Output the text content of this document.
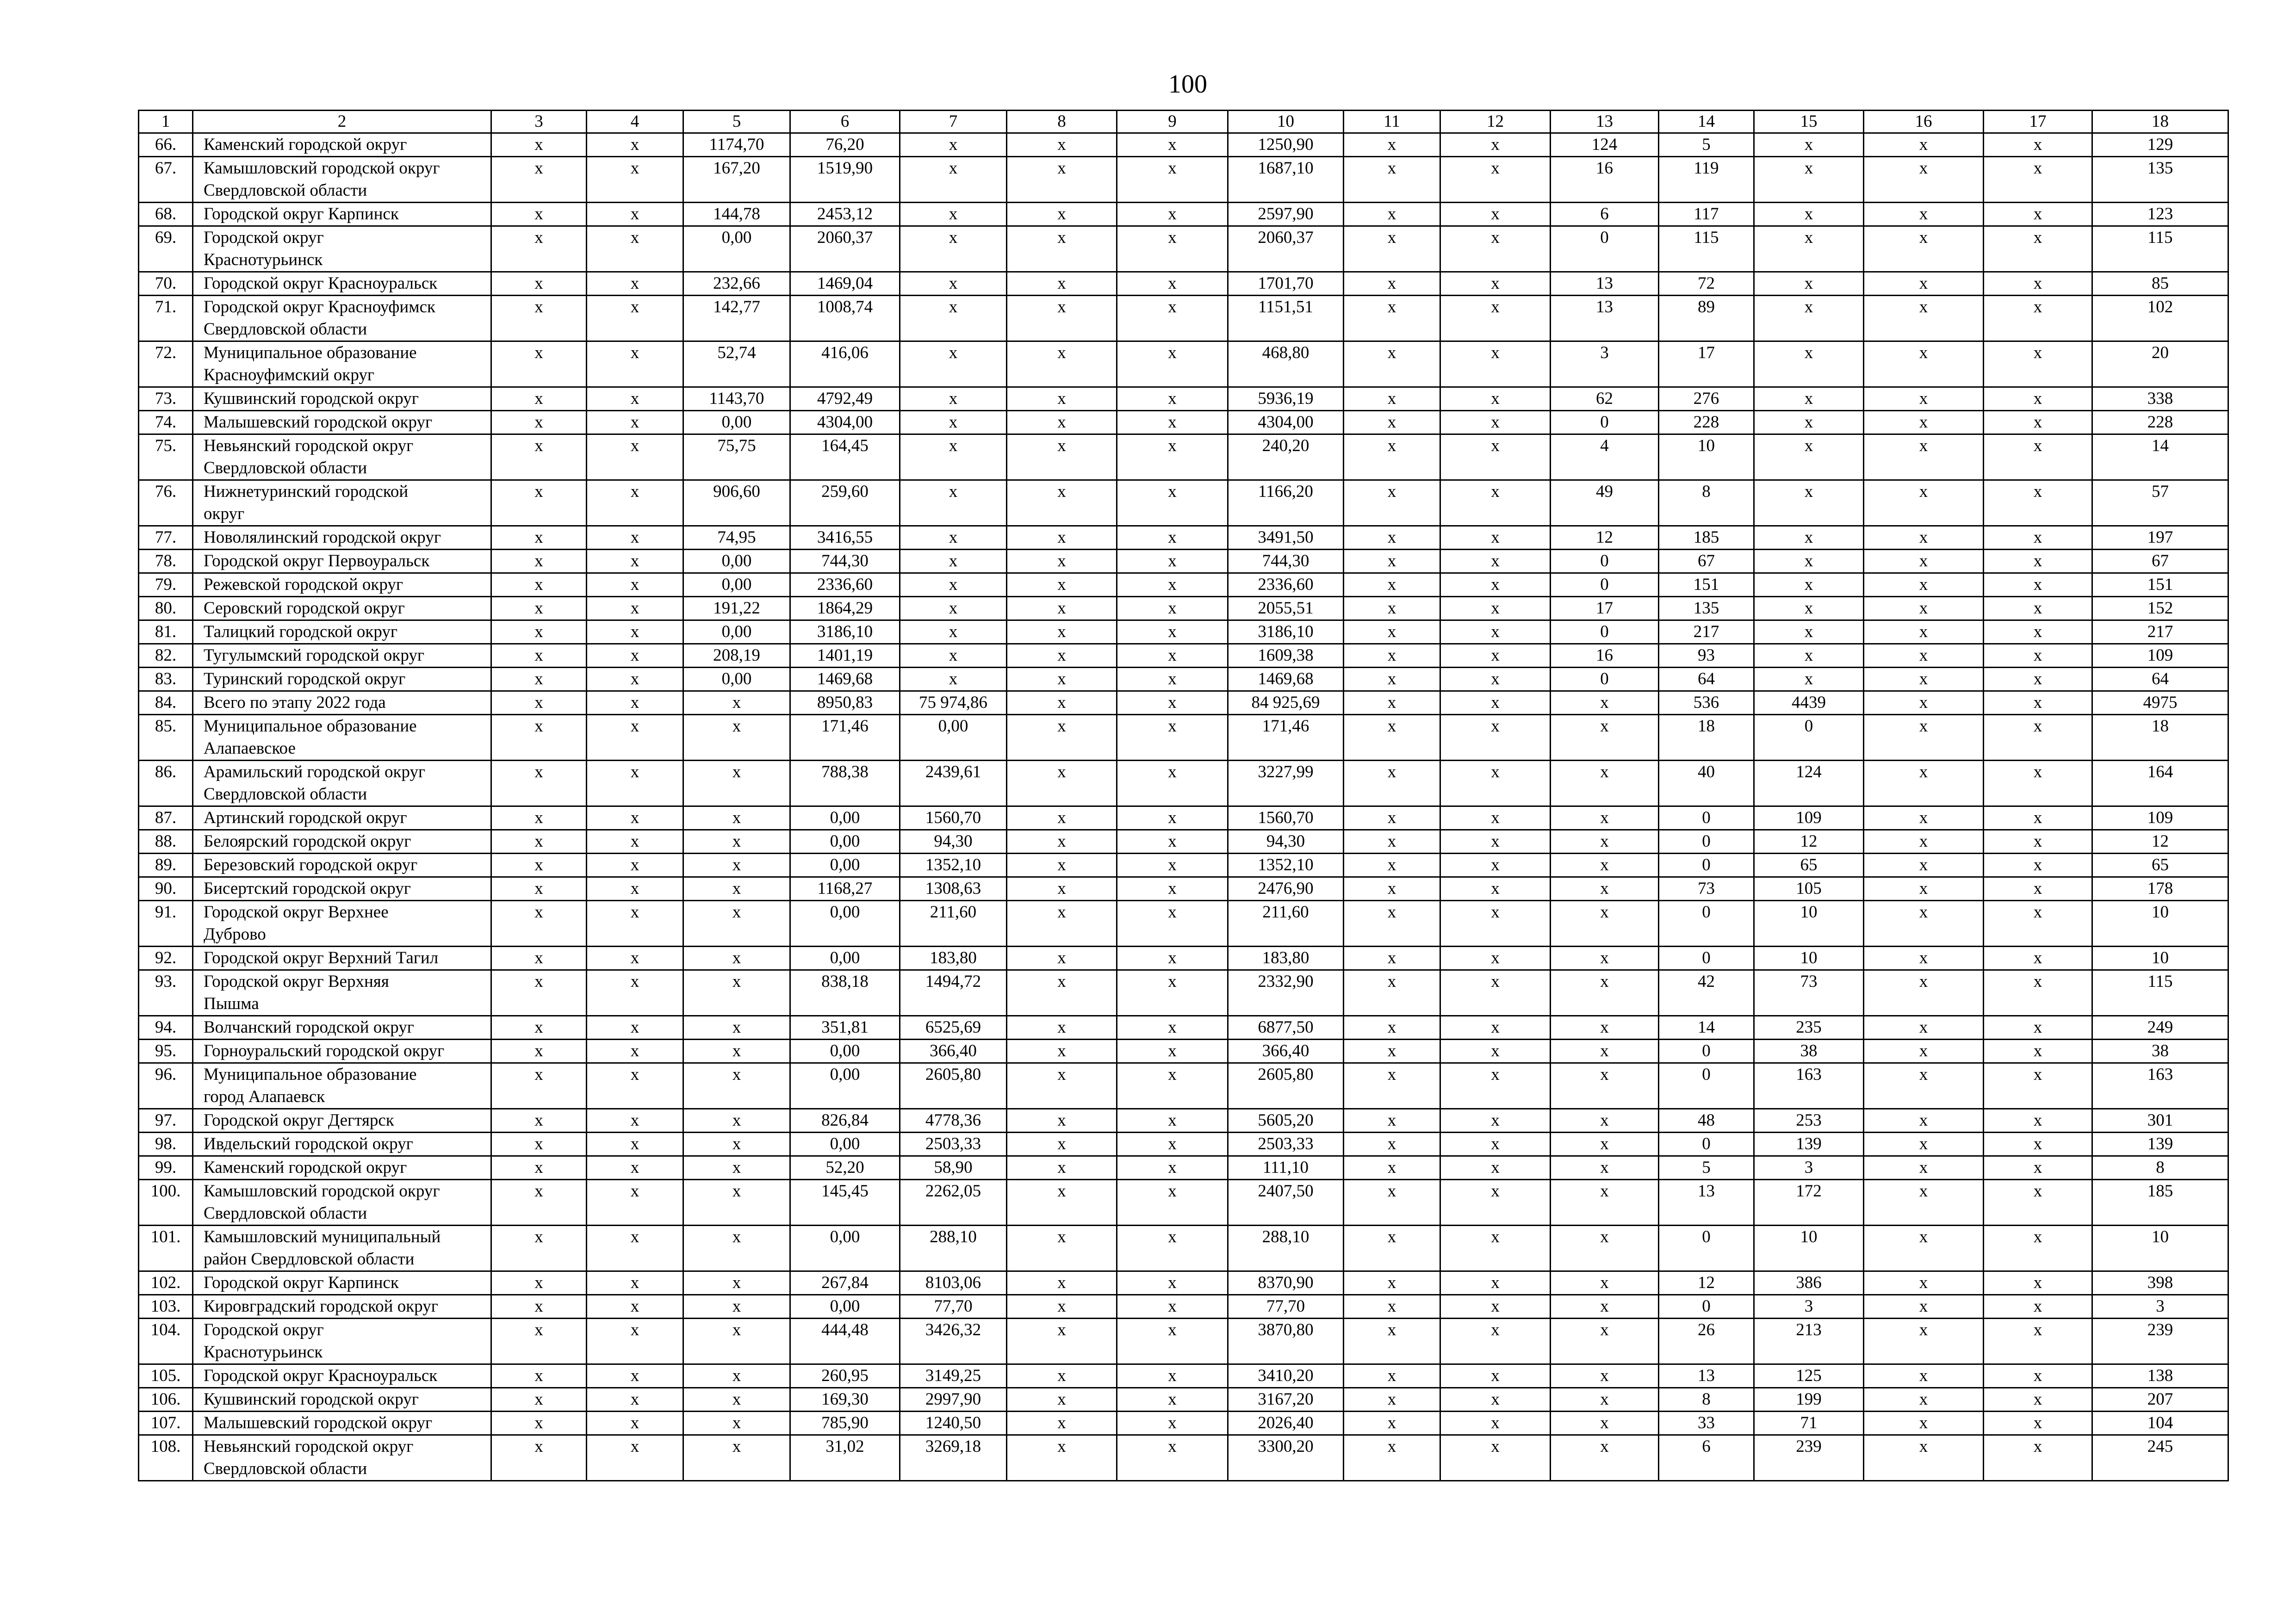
100
1	2	3	4	5	6	7	8	9	10	11	12	13	14	15	16	17	18
66.	Каменский городской округ	x	x	1174,70	76,20	x	x	x	1250,90	x	x	124	5	x	x	x	129
67.	Камышловский городской округ
Свердловской области	x	x	167,20	1519,90	x	x	x	1687,10	x	x	16	119	x	x	x	135
68.	Городской округ Карпинск	x	x	144,78	2453,12	x	x	x	2597,90	x	x	6	117	x	x	x	123
69.	Городской округ
Краснотурьинск	x	x	0,00	2060,37	x	x	x	2060,37	x	x	0	115	x	x	x	115
70.	Городской округ Красноуральск	x	x	232,66	1469,04	x	x	x	1701,70	x	x	13	72	x	x	x	85
71.	Городской округ Красноуфимск
Свердловской области	x	x	142,77	1008,74	x	x	x	1151,51	x	x	13	89	x	x	x	102
72.	Муниципальное образование
Красноуфимский округ	x	x	52,74	416,06	x	x	x	468,80	x	x	3	17	x	x	x	20
73.	Кушвинский городской округ	x	x	1143,70	4792,49	x	x	x	5936,19	x	x	62	276	x	x	x	338
74.	Малышевский городской округ	x	x	0,00	4304,00	x	x	x	4304,00	x	x	0	228	x	x	x	228
75.	Невьянский городской округ
Свердловской области	x	x	75,75	164,45	x	x	x	240,20	x	x	4	10	x	x	x	14
76.	Нижнетуринский городской
округ	x	x	906,60	259,60	x	x	x	1166,20	x	x	49	8	x	x	x	57
77.	Новолялинский городской округ	x	x	74,95	3416,55	x	x	x	3491,50	x	x	12	185	x	x	x	197
78.	Городской округ Первоуральск	x	x	0,00	744,30	x	x	x	744,30	x	x	0	67	x	x	x	67
79.	Режевской городской округ	x	x	0,00	2336,60	x	x	x	2336,60	x	x	0	151	x	x	x	151
80.	Серовский городской округ	x	x	191,22	1864,29	x	x	x	2055,51	x	x	17	135	x	x	x	152
81.	Талицкий городской округ	x	x	0,00	3186,10	x	x	x	3186,10	x	x	0	217	x	x	x	217
82.	Тугулымский городской округ	x	x	208,19	1401,19	x	x	x	1609,38	x	x	16	93	x	x	x	109
83.	Туринский городской округ	x	x	0,00	1469,68	x	x	x	1469,68	x	x	0	64	x	x	x	64
84.	Всего по этапу 2022 года	x	x	x	8950,83	75 974,86	x	x	84 925,69	x	x	x	536	4439	x	x	4975
85.	Муниципальное образование
Алапаевское	x	x	x	171,46	0,00	x	x	171,46	x	x	x	18	0	x	x	18
86.	Арамильский городской округ
Свердловской области	x	x	x	788,38	2439,61	x	x	3227,99	x	x	x	40	124	x	x	164
87.	Артинский городской округ	x	x	x	0,00	1560,70	x	x	1560,70	x	x	x	0	109	x	x	109
88.	Белоярский городской округ	x	x	x	0,00	94,30	x	x	94,30	x	x	x	0	12	x	x	12
89.	Березовский городской округ	x	x	x	0,00	1352,10	x	x	1352,10	x	x	x	0	65	x	x	65
90.	Бисертский городской округ	x	x	x	1168,27	1308,63	x	x	2476,90	x	x	x	73	105	x	x	178
91.	Городской округ Верхнее
Дуброво	x	x	x	0,00	211,60	x	x	211,60	x	x	x	0	10	x	x	10
92.	Городской округ Верхний Тагил	x	x	x	0,00	183,80	x	x	183,80	x	x	x	0	10	x	x	10
93.	Городской округ Верхняя
Пышма	x	x	x	838,18	1494,72	x	x	2332,90	x	x	x	42	73	x	x	115
94.	Волчанский городской округ	x	x	x	351,81	6525,69	x	x	6877,50	x	x	x	14	235	x	x	249
95.	Горноуральский городской округ	x	x	x	0,00	366,40	x	x	366,40	x	x	x	0	38	x	x	38
96.	Муниципальное образование
город Алапаевск	x	x	x	0,00	2605,80	x	x	2605,80	x	x	x	0	163	x	x	163
97.	Городской округ Дегтярск	x	x	x	826,84	4778,36	x	x	5605,20	x	x	x	48	253	x	x	301
98.	Ивдельский городской округ	x	x	x	0,00	2503,33	x	x	2503,33	x	x	x	0	139	x	x	139
99.	Каменский городской округ	x	x	x	52,20	58,90	x	x	111,10	x	x	x	5	3	x	x	8
100.	Камышловский городской округ
Свердловской области	x	x	x	145,45	2262,05	x	x	2407,50	x	x	x	13	172	x	x	185
101.	Камышловский муниципальный
район Свердловской области	x	x	x	0,00	288,10	x	x	288,10	x	x	x	0	10	x	x	10
102.	Городской округ Карпинск	x	x	x	267,84	8103,06	x	x	8370,90	x	x	x	12	386	x	x	398
103.	Кировградский городской округ	x	x	x	0,00	77,70	x	x	77,70	x	x	x	0	3	x	x	3
104.	Городской округ
Краснотурьинск	x	x	x	444,48	3426,32	x	x	3870,80	x	x	x	26	213	x	x	239
105.	Городской округ Красноуральск	x	x	x	260,95	3149,25	x	x	3410,20	x	x	x	13	125	x	x	138
106.	Кушвинский городской округ	x	x	x	169,30	2997,90	x	x	3167,20	x	x	x	8	199	x	x	207
107.	Малышевский городской округ	x	x	x	785,90	1240,50	x	x	2026,40	x	x	x	33	71	x	x	104
108.	Невьянский городской округ
Свердловской области	x	x	x	31,02	3269,18	x	x	3300,20	x	x	x	6	239	x	x	245
